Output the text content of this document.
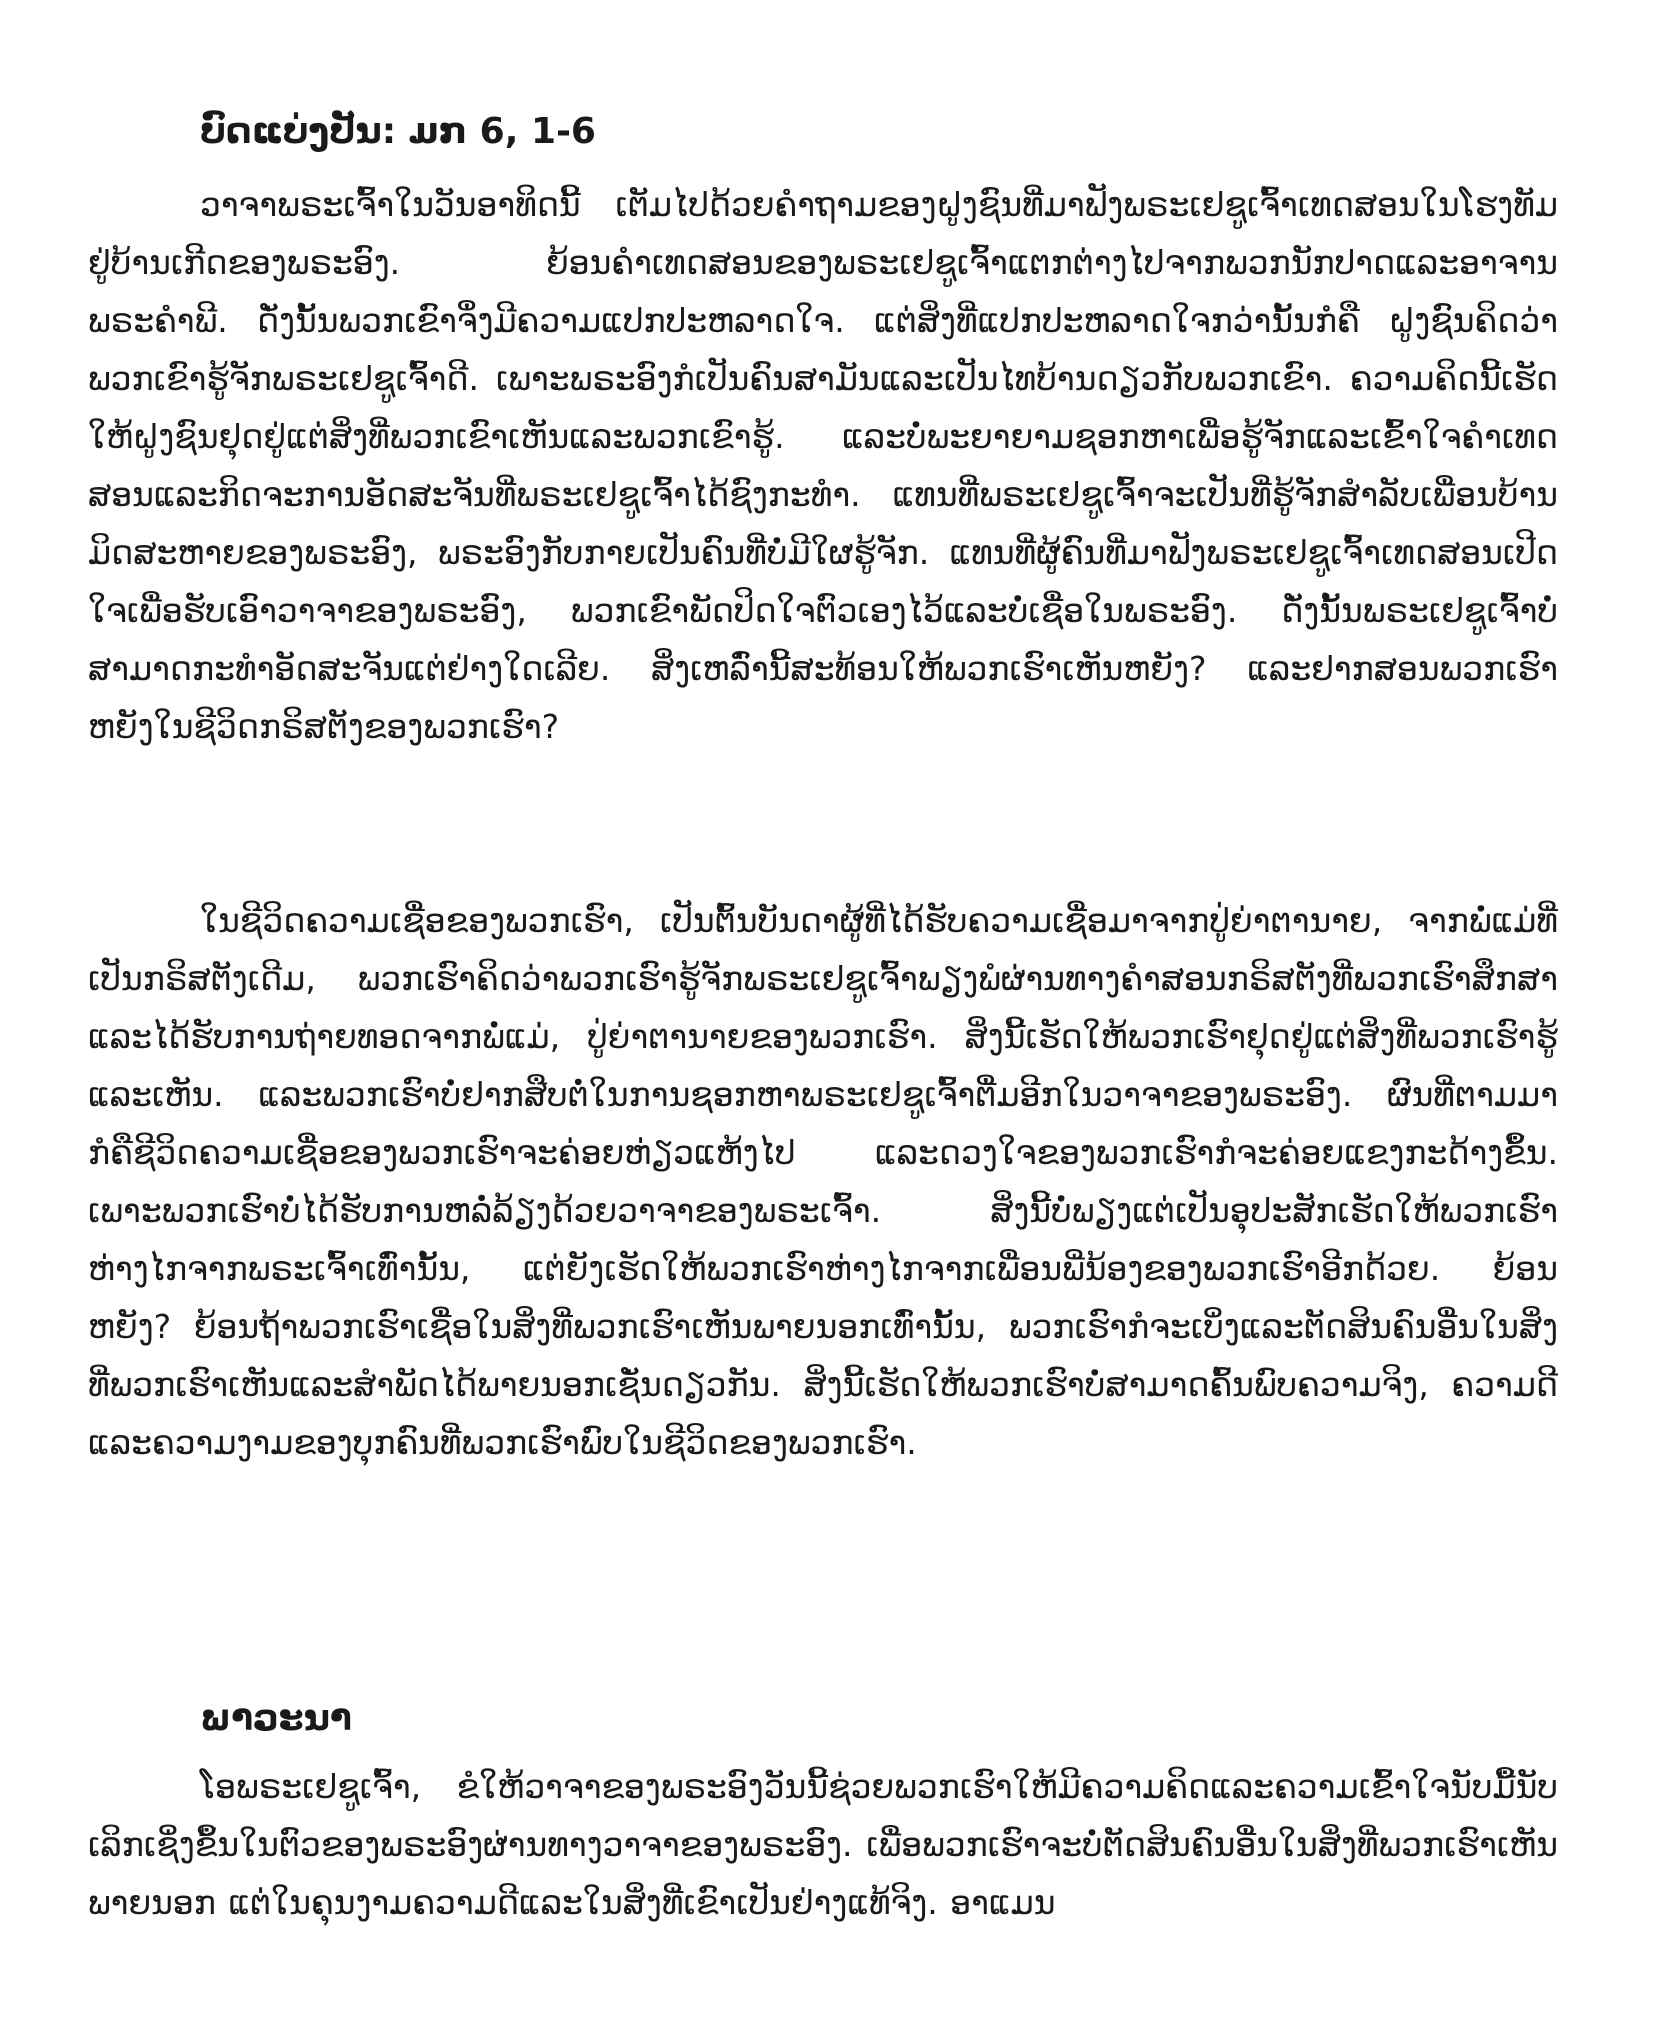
ບົດແບ່ງປັນ: ມກ 6, 1-6

ວາຈາພຣະເຈົ້າໃນວັນອາທິດນີ້ ເຕັມໄປດ້ວຍຄຳຖາມຂອງຝູງຊົນທີ່ມາຟັງພຣະເຢຊູເຈົ້າເທດສອນໃນໂຮງທັມຢູ່ບ້ານເກີດຂອງພຣະອົງ. ຍ້ອນຄຳເທດສອນຂອງພຣະເຢຊູເຈົ້າແຕກຕ່າງໄປຈາກພວກນັກປາດແລະອາຈານພຣະຄຳພີ. ດັ່ງນັ້ນພວກເຂົາຈຶ່ງມີຄວາມແປກປະຫລາດໃຈ. ແຕ່ສິ່ງທີ່ແປກປະຫລາດໃຈກວ່ານັ້ນກໍຄື ຝູງຊົນຄິດວ່າພວກເຂົາຮູ້ຈັກພຣະເຢຊູເຈົ້າດີ. ເພາະພຣະອົງກໍເປັນຄົນສາມັນແລະເປັນໄທບ້ານດຽວກັບພວກເຂົາ. ຄວາມຄິດນີ້ເຮັດໃຫ້ຝູງຊົນຢຸດຢູ່ແຕ່ສິ່ງທີ່ພວກເຂົາເຫັນແລະພວກເຂົາຮູ້. ແລະບໍ່ພະຍາຍາມຊອກຫາເພື່ອຮູ້ຈັກແລະເຂົ້າໃຈຄຳເທດສອນແລະກິດຈະການອັດສະຈັນທີ່ພຣະເຢຊູເຈົ້າໄດ້ຊົງກະທຳ. ແທນທີ່ພຣະເຢຊູເຈົ້າຈະເປັນທີ່ຮູ້ຈັກສຳລັບເພື່ອນບ້ານມິດສະຫາຍຂອງພຣະອົງ, ພຣະອົງກັບກາຍເປັນຄົນທີ່ບໍ່ມີໃຜຮູ້ຈັກ. ແທນທີ່ຜູ້ຄົນທີ່ມາຟັງພຣະເຢຊູເຈົ້າເທດສອນເປີດໃຈເພື່ອຮັບເອົາວາຈາຂອງພຣະອົງ, ພວກເຂົາພັດປິດໃຈຕົວເອງໄວ້ແລະບໍ່ເຊື່ອໃນພຣະອົງ. ດັ່ງນັ້ນພຣະເຢຊູເຈົ້າບໍ່ສາມາດກະທຳອັດສະຈັນແຕ່ຢ່າງໃດເລີຍ. ສິ່ງເຫລົ່ານີ້ສະທ້ອນໃຫ້ພວກເຮົາເຫັນຫຍັງ? ແລະຢາກສອນພວກເຮົາຫຍັງໃນຊີວິດກຣິສຕັງຂອງພວກເຮົາ?

ໃນຊີວິດຄວາມເຊື່ອຂອງພວກເຮົາ, ເປັນຕົ້ນບັນດາຜູ້ທີ່ໄດ້ຮັບຄວາມເຊື່ອມາຈາກປູ່ຍ່າຕານາຍ, ຈາກພໍ່ແມ່ທີ່ເປັນກຣິສຕັງເດີມ, ພວກເຮົາຄິດວ່າພວກເຮົາຮູ້ຈັກພຣະເຢຊູເຈົ້າພຽງພໍຜ່ານທາງຄຳສອນກຣິສຕັງທີ່ພວກເຮົາສຶກສາແລະໄດ້ຮັບການຖ່າຍທອດຈາກພໍ່ແມ່, ປູ່ຍ່າຕານາຍຂອງພວກເຮົາ. ສິ່ງນີ້ເຮັດໃຫ້ພວກເຮົາຢຸດຢູ່ແຕ່ສິ່ງທີ່ພວກເຮົາຮູ້ແລະເຫັນ. ແລະພວກເຮົາບໍ່ຢາກສືບຕໍ່ໃນການຊອກຫາພຣະເຢຊູເຈົ້າຕື່ມອີກໃນວາຈາຂອງພຣະອົງ. ຜົນທີ່ຕາມມາກໍຄືຊີວິດຄວາມເຊື່ອຂອງພວກເຮົາຈະຄ່ອຍຫ່ຽວແຫ້ງໄປ ແລະດວງໃຈຂອງພວກເຮົາກໍຈະຄ່ອຍແຂງກະດ້າງຂຶ້ນ. ເພາະພວກເຮົາບໍ່ໄດ້ຮັບການຫລໍ່ລ້ຽງດ້ວຍວາຈາຂອງພຣະເຈົ້າ. ສິ່ງນີ້ບໍ່ພຽງແຕ່ເປັນອຸປະສັກເຮັດໃຫ້ພວກເຮົາຫ່າງໄກຈາກພຣະເຈົ້າເທົ່ານັ້ນ, ແຕ່ຍັງເຮັດໃຫ້ພວກເຮົາຫ່າງໄກຈາກເພື່ອນພີ່ນ້ອງຂອງພວກເຮົາອີກດ້ວຍ. ຍ້ອນຫຍັງ? ຍ້ອນຖ້າພວກເຮົາເຊື່ອໃນສິ່ງທີ່ພວກເຮົາເຫັນພາຍນອກເທົ່ານັ້ນ, ພວກເຮົາກໍຈະເບິ່ງແລະຕັດສິນຄົນອື່ນໃນສິ່ງທີ່ພວກເຮົາເຫັນແລະສຳພັດໄດ້ພາຍນອກເຊັ່ນດຽວກັນ. ສິ່ງນີ້ເຮັດໃຫ້ພວກເຮົາບໍ່ສາມາດຄົ້ນພົບຄວາມຈິງ, ຄວາມດີແລະຄວາມງາມຂອງບຸກຄົນທີ່ພວກເຮົາພົບໃນຊີວິດຂອງພວກເຮົາ.

ພາວະນາ

ໂອພຣະເຢຊູເຈົ້າ, ຂໍໃຫ້ວາຈາຂອງພຣະອົງວັນນີ້ຊ່ວຍພວກເຮົາໃຫ້ມີຄວາມຄິດແລະຄວາມເຂົ້າໃຈນັບມື້ນັບເລິກເຊິ່ງຂຶ້ນໃນຕົວຂອງພຣະອົງຜ່ານທາງວາຈາຂອງພຣະອົງ. ເພື່ອພວກເຮົາຈະບໍ່ຕັດສິນຄົນອື່ນໃນສິ່ງທີ່ພວກເຮົາເຫັນພາຍນອກ ແຕ່ໃນຄຸນງາມຄວາມດີແລະໃນສິ່ງທີ່ເຂົາເປັນຢ່າງແທ້ຈິງ. ອາແມນ
